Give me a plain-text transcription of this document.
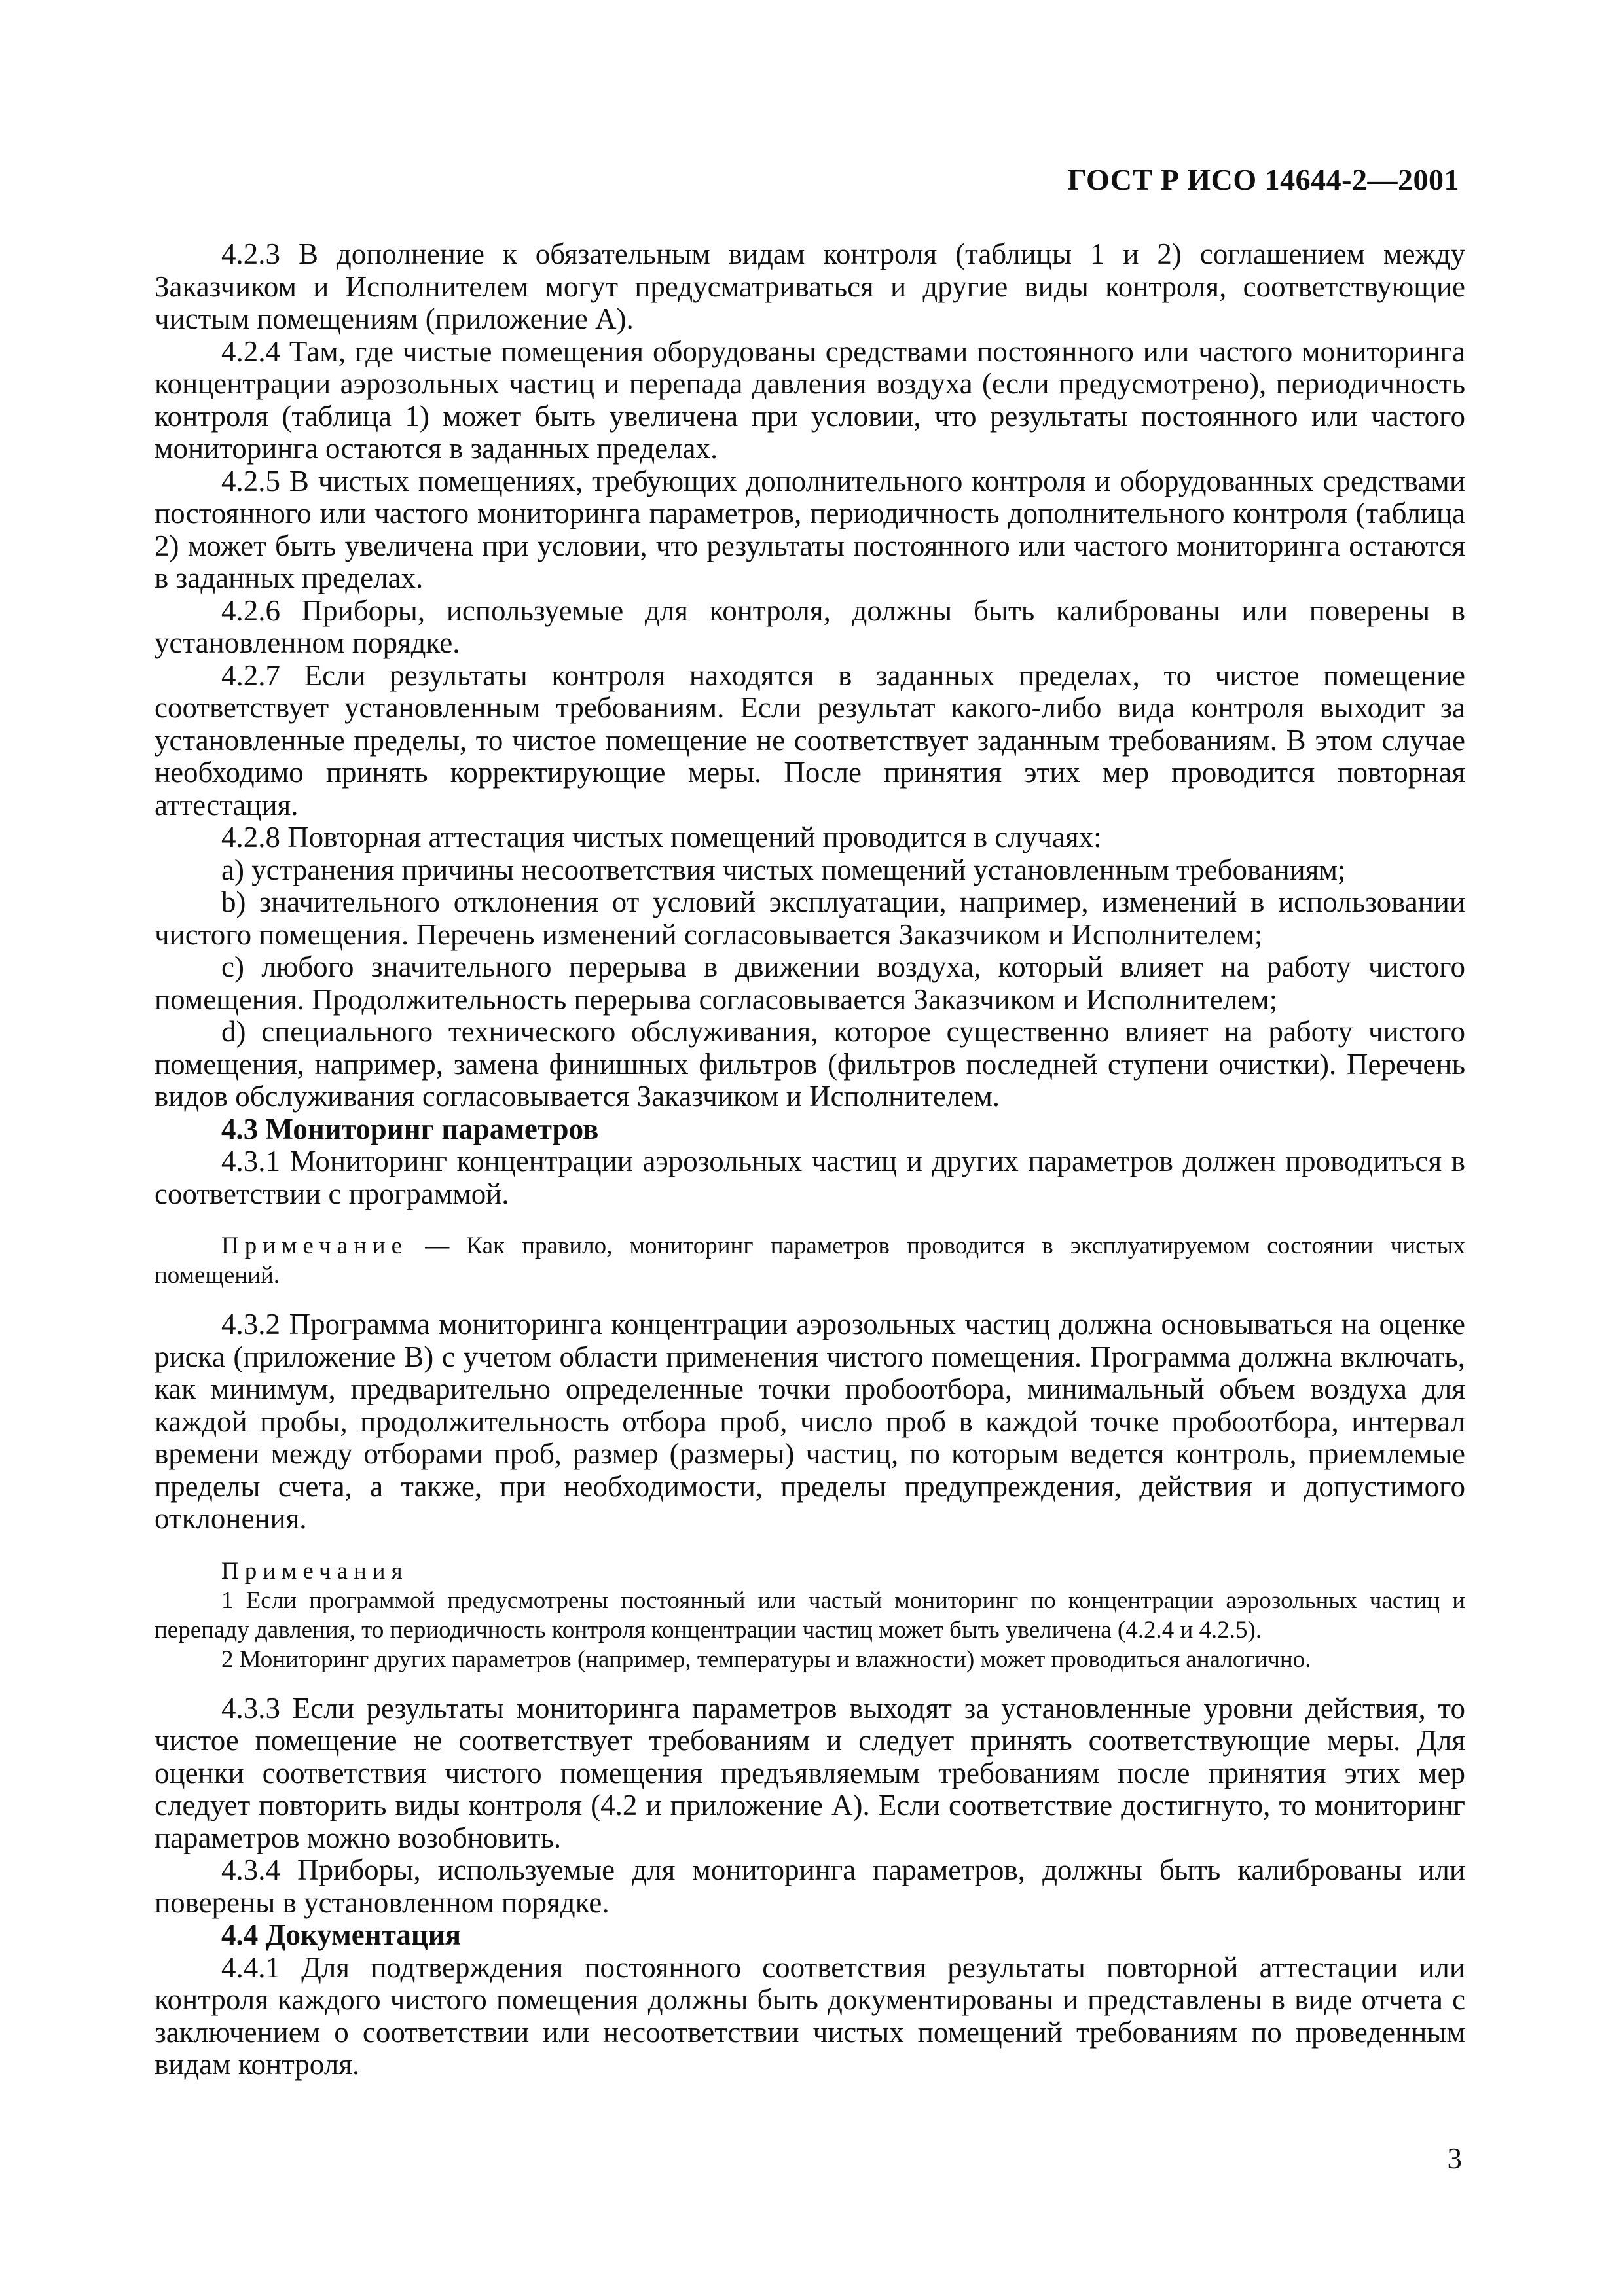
ГОСТ Р ИСО 14644-2—2001

4.2.3 В дополнение к обязательным видам контроля (таблицы 1 и 2) соглашением между Заказчиком и Исполнителем могут предусматриваться и другие виды контроля, соответствующие чистым помещениям (приложение А).

4.2.4 Там, где чистые помещения оборудованы средствами постоянного или частого мониторинга концентрации аэрозольных частиц и перепада давления воздуха (если предусмотрено), периодичность контроля (таблица 1) может быть увеличена при условии, что результаты постоянного или частого мониторинга остаются в заданных пределах.

4.2.5 В чистых помещениях, требующих дополнительного контроля и оборудованных средствами постоянного или частого мониторинга параметров, периодичность дополнительного контроля (таблица 2) может быть увеличена при условии, что результаты постоянного или частого мониторинга остаются в заданных пределах.

4.2.6 Приборы, используемые для контроля, должны быть калиброваны или поверены в установленном порядке.

4.2.7 Если результаты контроля находятся в заданных пределах, то чистое помещение соответствует установленным требованиям. Если результат какого-либо вида контроля выходит за установленные пределы, то чистое помещение не соответствует заданным требованиям. В этом случае необходимо принять корректирующие меры. После принятия этих мер проводится повторная аттестация.

4.2.8 Повторная аттестация чистых помещений проводится в случаях:

a) устранения причины несоответствия чистых помещений установленным требованиям;

b) значительного отклонения от условий эксплуатации, например, изменений в использовании чистого помещения. Перечень изменений согласовывается Заказчиком и Исполнителем;

c) любого значительного перерыва в движении воздуха, который влияет на работу чистого помещения. Продолжительность перерыва согласовывается Заказчиком и Исполнителем;

d) специального технического обслуживания, которое существенно влияет на работу чистого помещения, например, замена финишных фильтров (фильтров последней ступени очистки). Перечень видов обслуживания согласовывается Заказчиком и Исполнителем.

4.3 Мониторинг параметров

4.3.1 Мониторинг концентрации аэрозольных частиц и других параметров должен проводиться в соответствии с программой.

Примечание — Как правило, мониторинг параметров проводится в эксплуатируемом состоянии чистых помещений.

4.3.2 Программа мониторинга концентрации аэрозольных частиц должна основываться на оценке риска (приложение В) с учетом области применения чистого помещения. Программа должна включать, как минимум, предварительно определенные точки пробоотбора, минимальный объем воздуха для каждой пробы, продолжительность отбора проб, число проб в каждой точке пробоотбора, интервал времени между отборами проб, размер (размеры) частиц, по которым ведется контроль, приемлемые пределы счета, а также, при необходимости, пределы предупреждения, действия и допустимого отклонения.

Примечания

1 Если программой предусмотрены постоянный или частый мониторинг по концентрации аэрозольных частиц и перепаду давления, то периодичность контроля концентрации частиц может быть увеличена (4.2.4 и 4.2.5).

2 Мониторинг других параметров (например, температуры и влажности) может проводиться аналогично.

4.3.3 Если результаты мониторинга параметров выходят за установленные уровни действия, то чистое помещение не соответствует требованиям и следует принять соответствующие меры. Для оценки соответствия чистого помещения предъявляемым требованиям после принятия этих мер следует повторить виды контроля (4.2 и приложение А). Если соответствие достигнуто, то мониторинг параметров можно возобновить.

4.3.4 Приборы, используемые для мониторинга параметров, должны быть калиброваны или поверены в установленном порядке.

4.4 Документация

4.4.1 Для подтверждения постоянного соответствия результаты повторной аттестации или контроля каждого чистого помещения должны быть документированы и представлены в виде отчета с заключением о соответствии или несоответствии чистых помещений требованиям по проведенным видам контроля.

3
